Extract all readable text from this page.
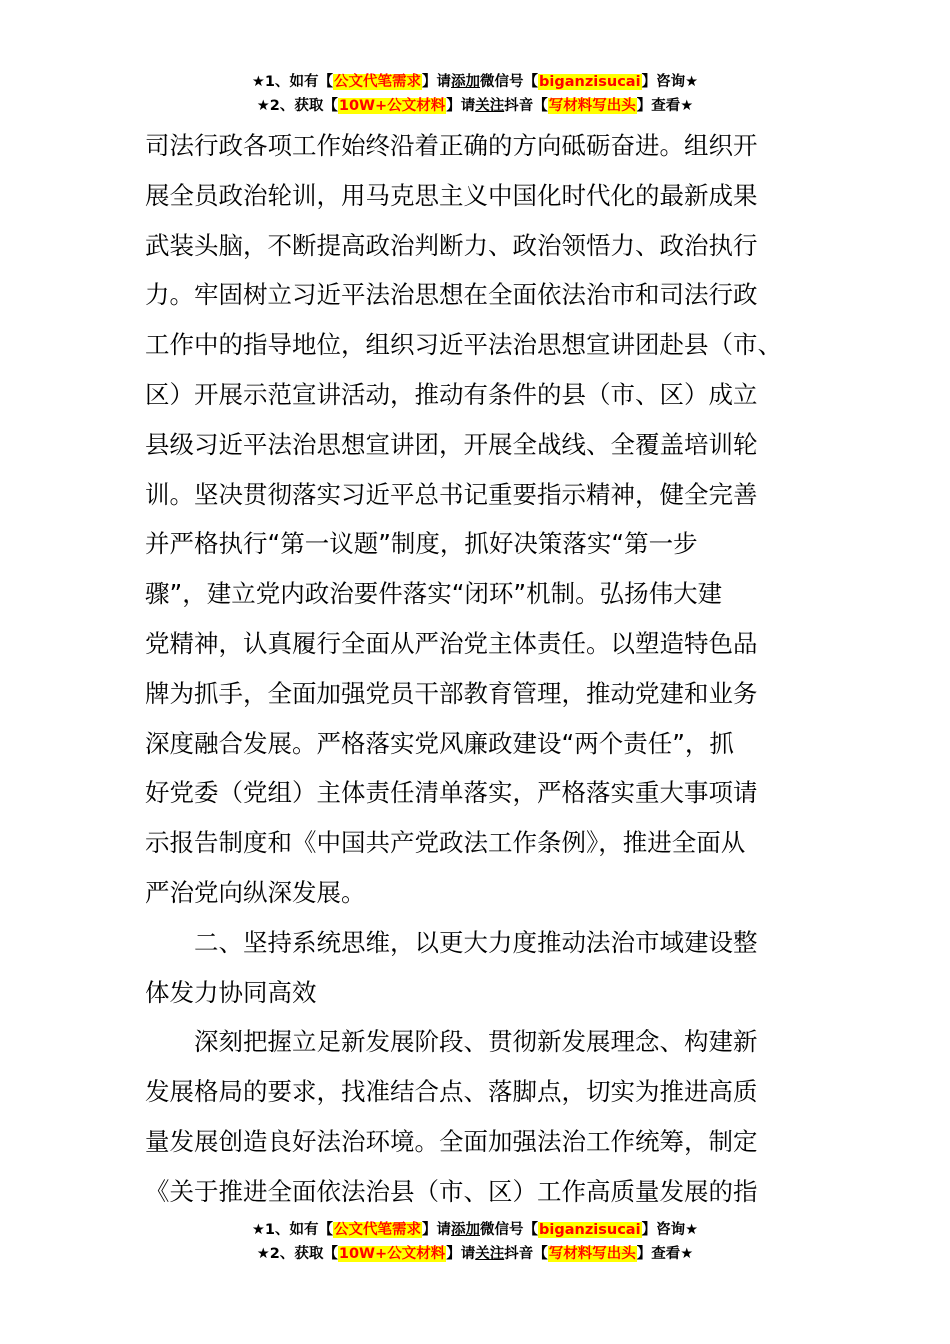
★1、如有【公文代笔需求】请添加微信号【biganzisucai】咨询★
★2、获取【10W+公文材料】请关注抖音【写材料写出头】查看★
司法行政各项工作始终沿着正确的方向砥砺奋进。组织开
展全员政治轮训，用马克思主义中国化时代化的最新成果
武装头脑，不断提高政治判断力、政治领悟力、政治执行
力。牢固树立习近平法治思想在全面依法治市和司法行政
工作中的指导地位，组织习近平法治思想宣讲团赴县（市、
区）开展示范宣讲活动，推动有条件的县（市、区）成立
县级习近平法治思想宣讲团，开展全战线、全覆盖培训轮
训。坚决贯彻落实习近平总书记重要指示精神，健全完善
并严格执行“第一议题”制度，抓好决策落实“第一步
骤”，建立党内政治要件落实“闭环”机制。弘扬伟大建
党精神，认真履行全面从严治党主体责任。以塑造特色品
牌为抓手，全面加强党员干部教育管理，推动党建和业务
深度融合发展。严格落实党风廉政建设“两个责任”，抓
好党委（党组）主体责任清单落实，严格落实重大事项请
示报告制度和《中国共产党政法工作条例》，推进全面从
严治党向纵深发展。
二、坚持系统思维，以更大力度推动法治市域建设整
体发力协同高效
深刻把握立足新发展阶段、贯彻新发展理念、构建新
发展格局的要求，找准结合点、落脚点，切实为推进高质
量发展创造良好法治环境。全面加强法治工作统筹，制定
《关于推进全面依法治县（市、区）工作高质量发展的指
★1、如有【公文代笔需求】请添加微信号【biganzisucai】咨询★
★2、获取【10W+公文材料】请关注抖音【写材料写出头】查看★
